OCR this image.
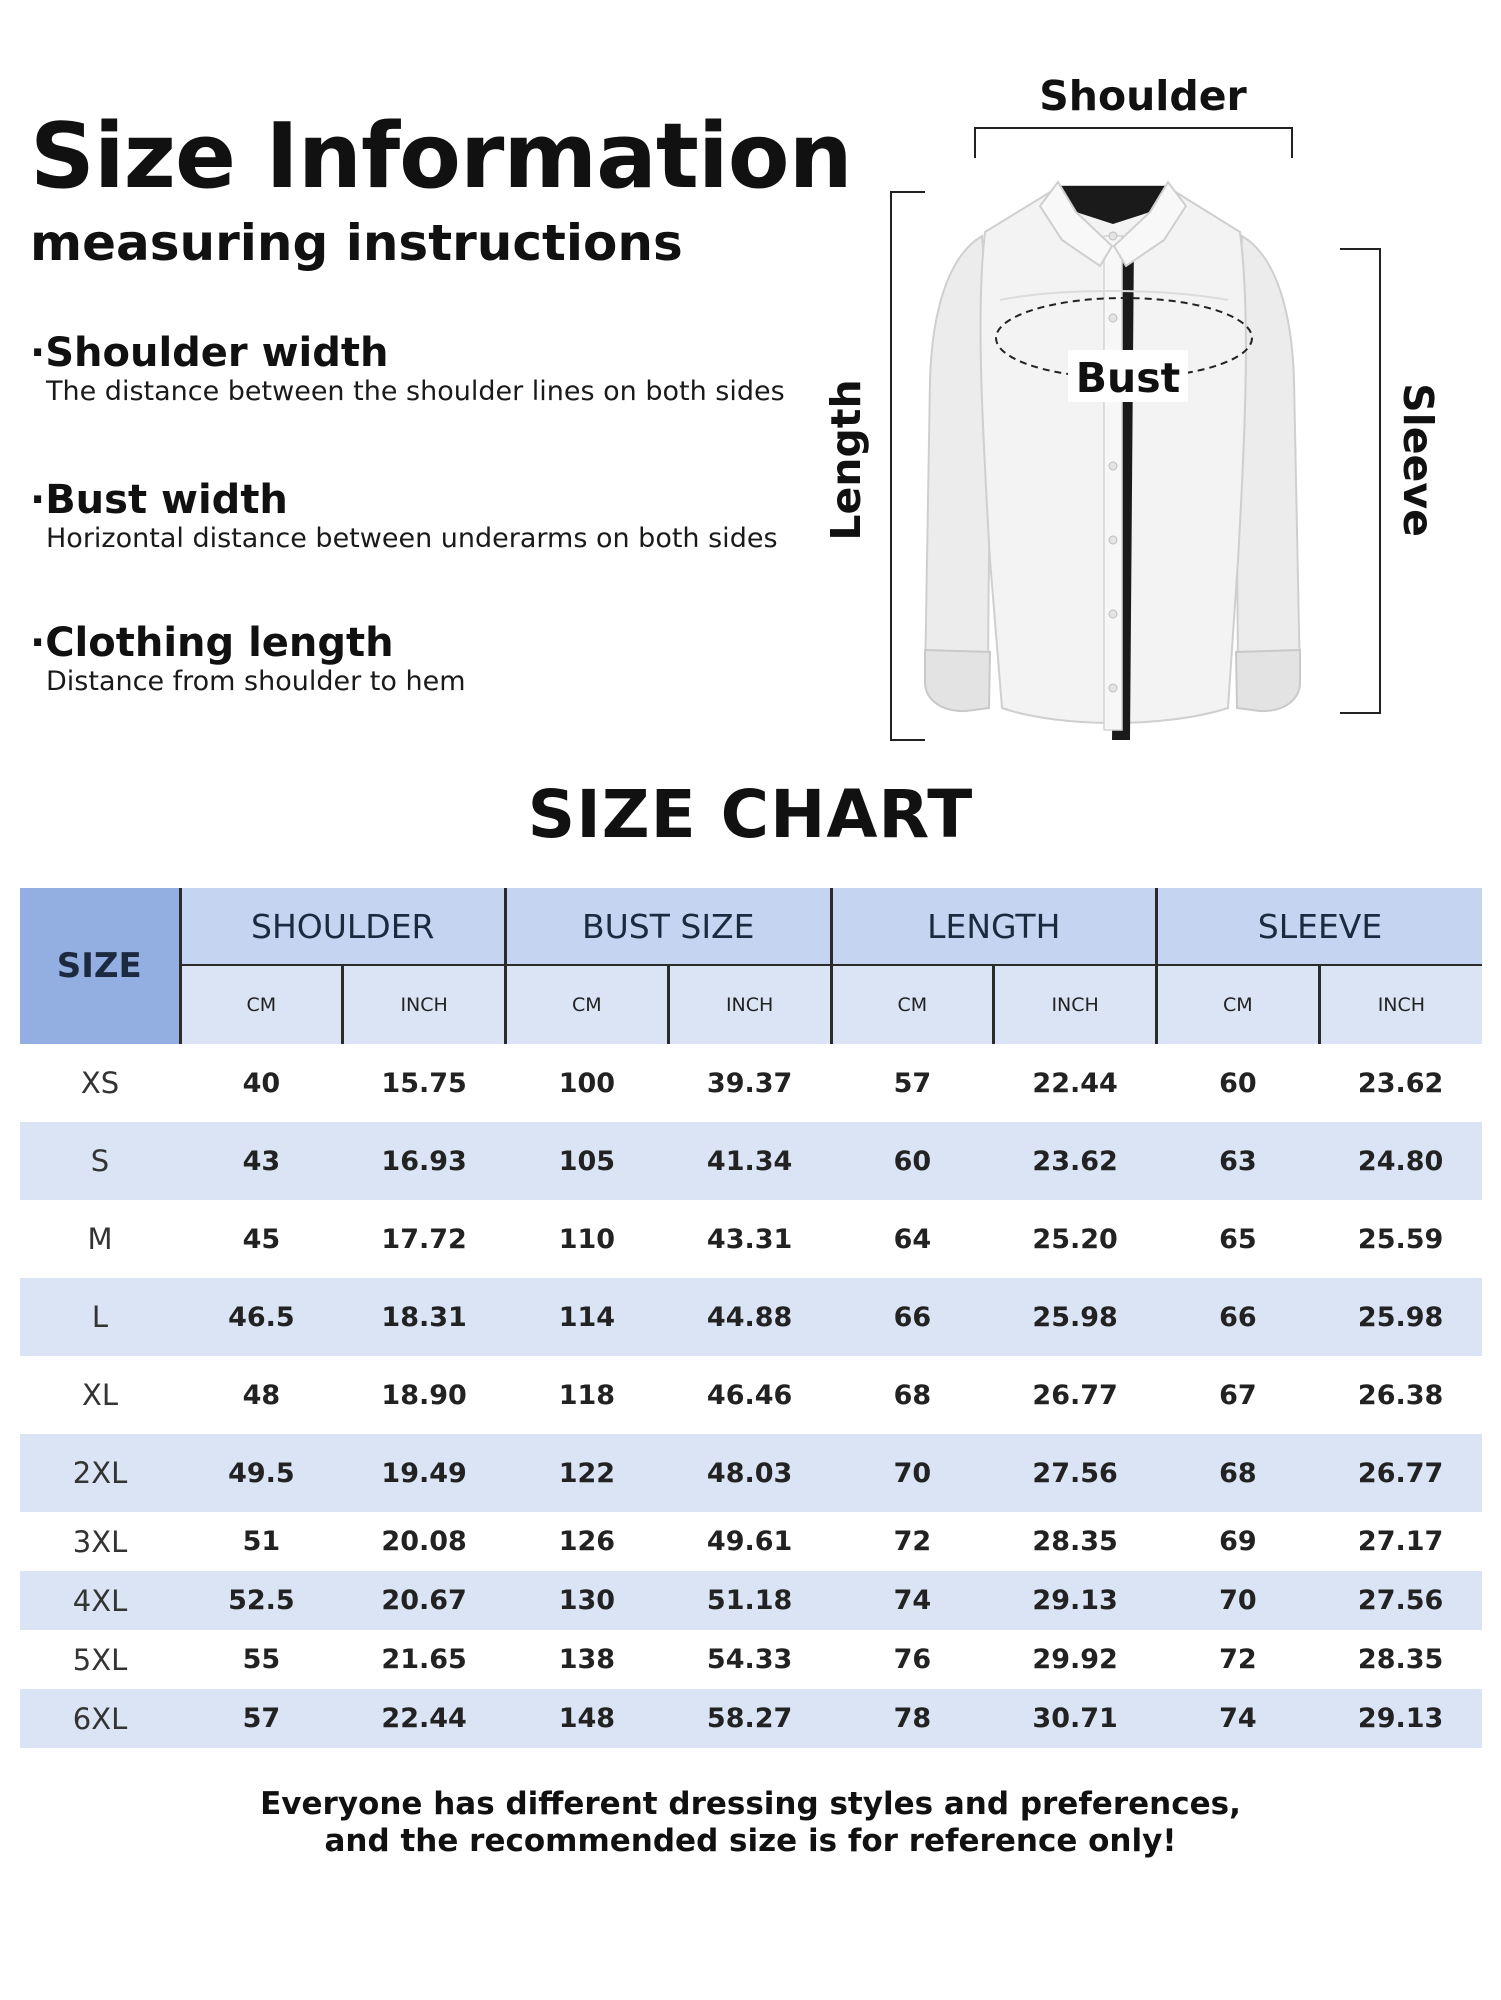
Size Information
measuring instructions
·Shoulder width
The distance between the shoulder lines on both sides
·Bust width
Horizontal distance between underarms on both sides
·Clothing length
Distance from shoulder to hem
Bust
Shoulder
Length	Sleeve
SIZE CHART
SIZE	SHOULDER		BUST SIZE		LENGTH		SLEEVE	
	CM	INCH	CM	INCH	CM	INCH	CM	INCH
XS	40	15.75	100	39.37	57	22.44	60	23.62
S	43	16.93	105	41.34	60	23.62	63	24.80
M	45	17.72	110	43.31	64	25.20	65	25.59
L	46.5	18.31	114	44.88	66	25.98	66	25.98
XL	48	18.90	118	46.46	68	26.77	67	26.38
2XL	49.5	19.49	122	48.03	70	27.56	68	26.77
3XL	51	20.08	126	49.61	72	28.35	69	27.17
4XL	52.5	20.67	130	51.18	74	29.13	70	27.56
5XL	55	21.65	138	54.33	76	29.92	72	28.35
6XL	57	22.44	148	58.27	78	30.71	74	29.13
Everyone has different dressing styles and preferences,
and the recommended size is for reference only!
